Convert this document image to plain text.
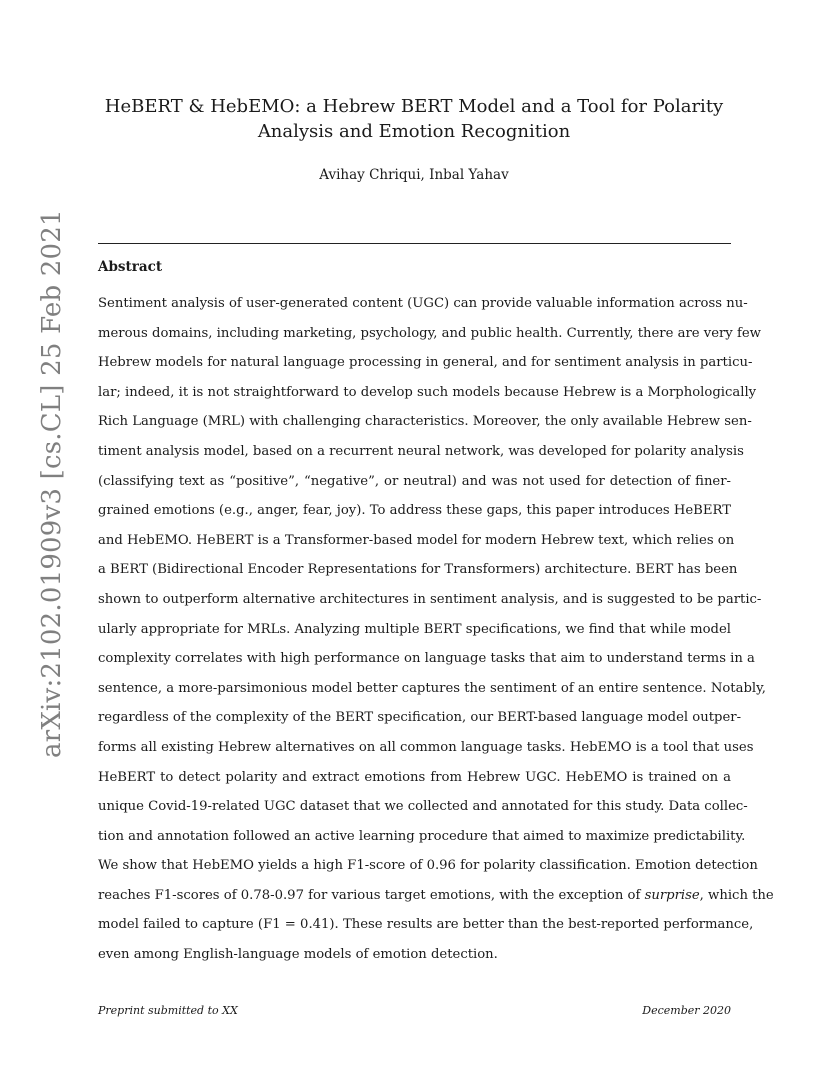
HeBERT & HebEMO: a Hebrew BERT Model and a Tool for Polarity
Analysis and Emotion Recognition
Avihay Chriqui, Inbal Yahav
Abstract
Sentiment analysis of user-generated content (UGC) can provide valuable information across nu-
merous domains, including marketing, psychology, and public health. Currently, there are very few
Hebrew models for natural language processing in general, and for sentiment analysis in particu-
lar; indeed, it is not straightforward to develop such models because Hebrew is a Morphologically
Rich Language (MRL) with challenging characteristics. Moreover, the only available Hebrew sen-
timent analysis model, based on a recurrent neural network, was developed for polarity analysis
(classifying text as “positive”, “negative”, or neutral) and was not used for detection of finer-
grained emotions (e.g., anger, fear, joy). To address these gaps, this paper introduces HeBERT
and HebEMO. HeBERT is a Transformer-based model for modern Hebrew text, which relies on
a BERT (Bidirectional Encoder Representations for Transformers) architecture. BERT has been
shown to outperform alternative architectures in sentiment analysis, and is suggested to be partic-
ularly appropriate for MRLs. Analyzing multiple BERT specifications, we find that while model
complexity correlates with high performance on language tasks that aim to understand terms in a
sentence, a more-parsimonious model better captures the sentiment of an entire sentence. Notably,
regardless of the complexity of the BERT specification, our BERT-based language model outper-
forms all existing Hebrew alternatives on all common language tasks. HebEMO is a tool that uses
HeBERT to detect polarity and extract emotions from Hebrew UGC. HebEMO is trained on a
unique Covid-19-related UGC dataset that we collected and annotated for this study. Data collec-
tion and annotation followed an active learning procedure that aimed to maximize predictability.
We show that HebEMO yields a high F1-score of 0.96 for polarity classification. Emotion detection
reaches F1-scores of 0.78-0.97 for various target emotions, with the exception of surprise, which the
model failed to capture (F1 = 0.41). These results are better than the best-reported performance,
even among English-language models of emotion detection.
Preprint submitted to XX	December 2020
arXiv:2102.01909v3 [cs.CL] 25 Feb 2021
